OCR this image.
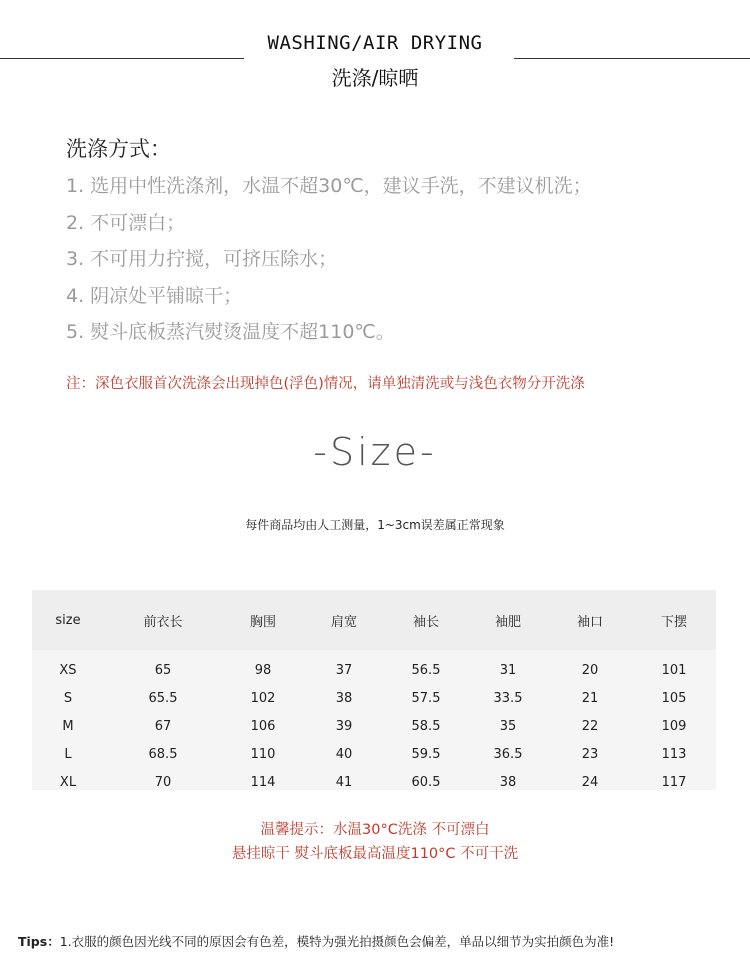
WASHING/AIR DRYING
洗涤/晾晒
洗涤方式：
1. 选用中性洗涤剂，水温不超30℃，建议手洗，不建议机洗；
2. 不可漂白；
3. 不可用力拧搅，可挤压除水；
4. 阴凉处平铺晾干；
5. 熨斗底板蒸汽熨烫温度不超110℃。
注：深色衣服首次洗涤会出现掉色(浮色)情况，请单独清洗或与浅色衣物分开洗涤
-Size-
每件商品均由人工测量，1~3cm误差属正常现象
size	前衣长	胸围	肩宽	袖长	袖肥	袖口	下摆
XS	65	98	37	56.5	31	20	101
S	65.5	102	38	57.5	33.5	21	105
M	67	106	39	58.5	35	22	109
L	68.5	110	40	59.5	36.5	23	113
XL	70	114	41	60.5	38	24	117
温馨提示：水温30°C洗涤 不可漂白
悬挂晾干 熨斗底板最高温度110°C 不可干洗
Tips：1.衣服的颜色因光线不同的原因会有色差，模特为强光拍摄颜色会偏差，单品以细节为实拍颜色为准!
